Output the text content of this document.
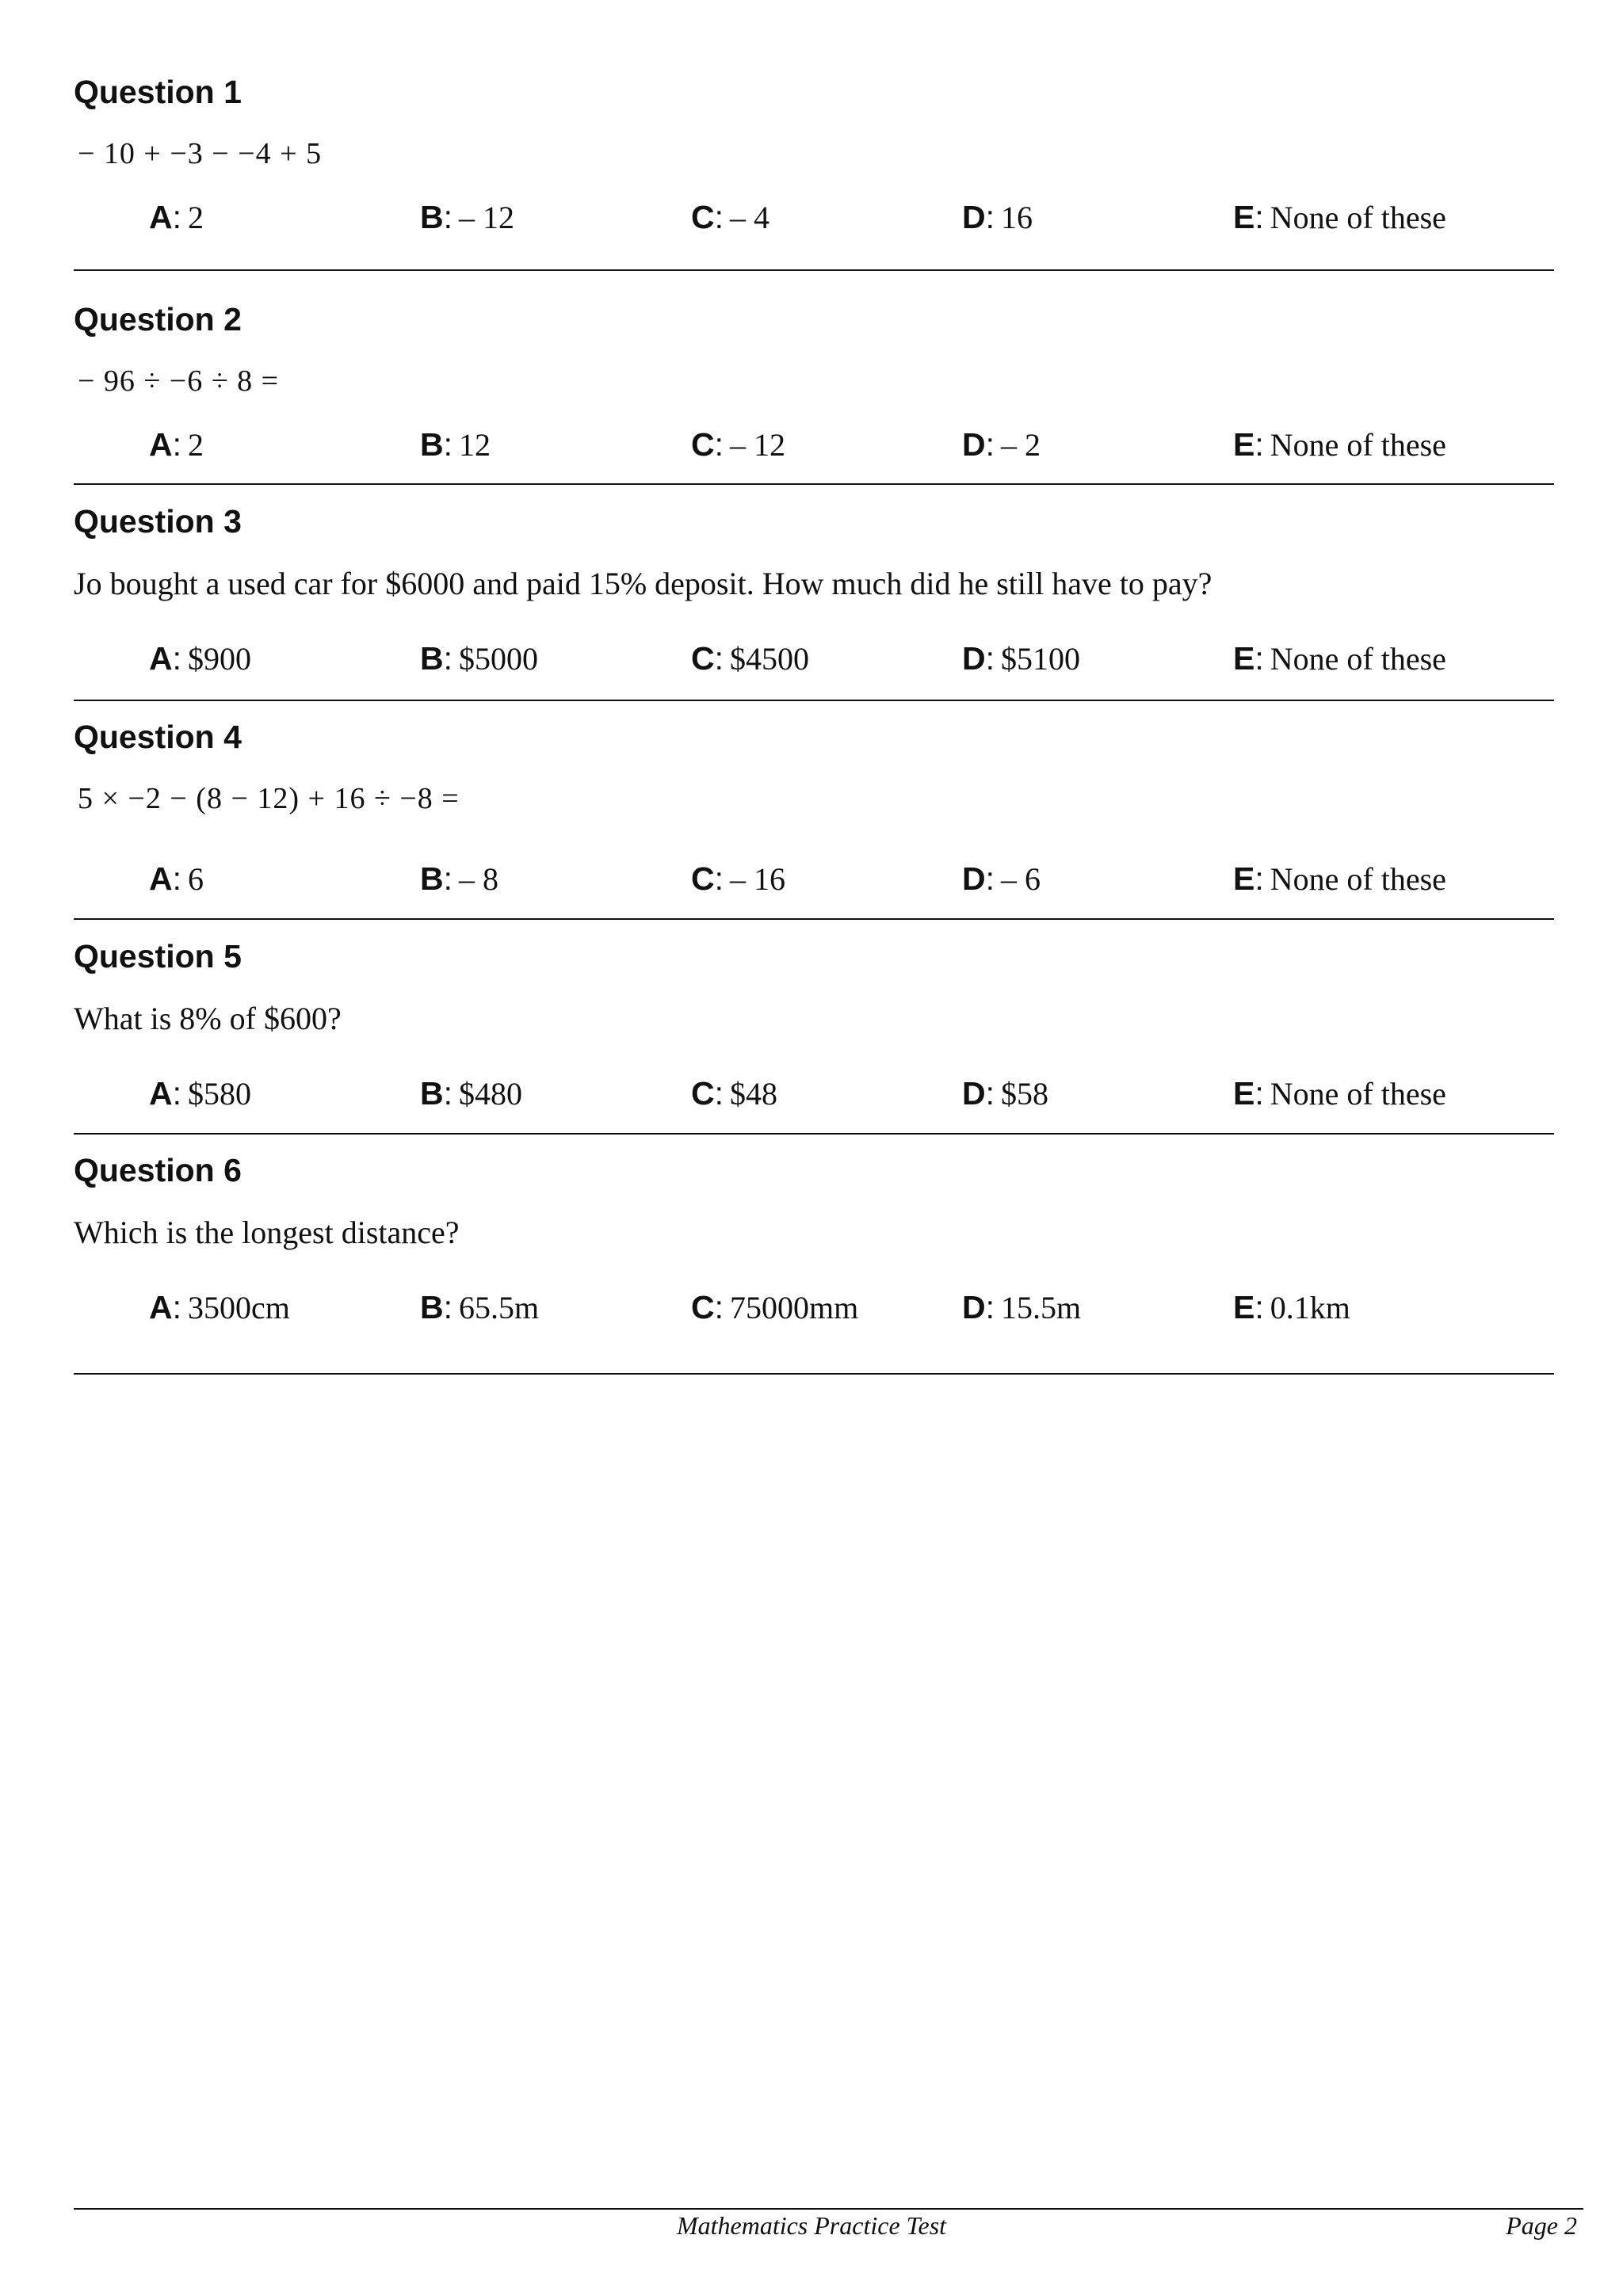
Question 1
− 10 + −3 − −4 + 5
A: 2	B: – 12	C: – 4	D: 16	E: None of these
Question 2
− 96 ÷ −6 ÷ 8 =
A: 2	B: 12	C: – 12	D: – 2	E: None of these
Question 3
Jo bought a used car for $6000 and paid 15% deposit. How much did he still have to pay?
A: $900	B: $5000	C: $4500	D: $5100	E: None of these
Question 4
5 × −2 − (8 − 12) + 16 ÷ −8 =
A: 6	B: – 8	C: – 16	D: – 6	E: None of these
Question 5
What is 8% of $600?
A: $580	B: $480	C: $48	D: $58	E: None of these
Question 6
Which is the longest distance?
A: 3500cm	B: 65.5m	C: 75000mm	D: 15.5m	E: 0.1km
Mathematics Practice Test	Page 2
